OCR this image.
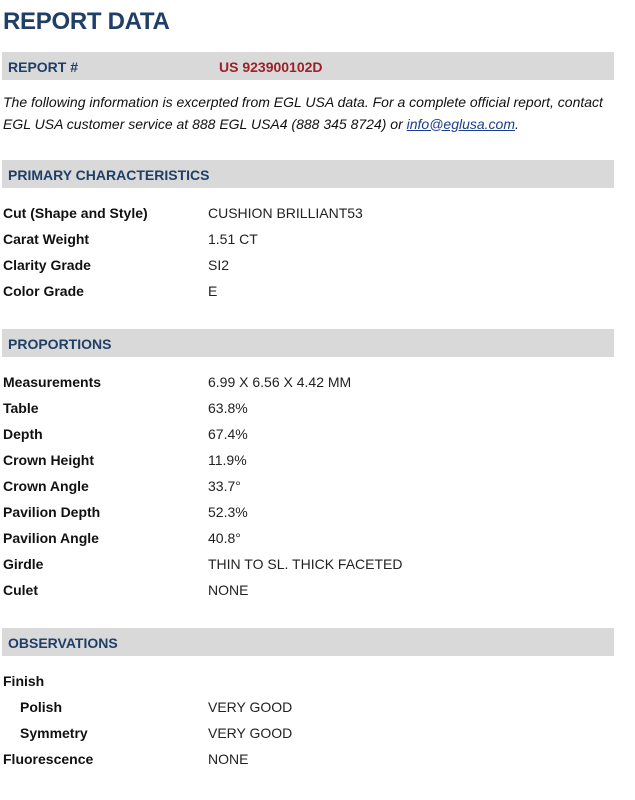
REPORT DATA
REPORT #	US 923900102D
The following information is excerpted from EGL USA data. For a complete official report, contact EGL USA customer service at 888 EGL USA4 (888 345 8724) or info@eglusa.com.
PRIMARY CHARACTERISTICS
Cut (Shape and Style)	CUSHION BRILLIANT53
Carat Weight	1.51 CT
Clarity Grade	SI2
Color Grade	E
PROPORTIONS
Measurements	6.99 X 6.56 X 4.42 MM
Table	63.8%
Depth	67.4%
Crown Height	11.9%
Crown Angle	33.7°
Pavilion Depth	52.3%
Pavilion Angle	40.8°
Girdle	THIN TO SL. THICK FACETED
Culet	NONE
OBSERVATIONS
Finish
Polish	VERY GOOD
Symmetry	VERY GOOD
Fluorescence	NONE
